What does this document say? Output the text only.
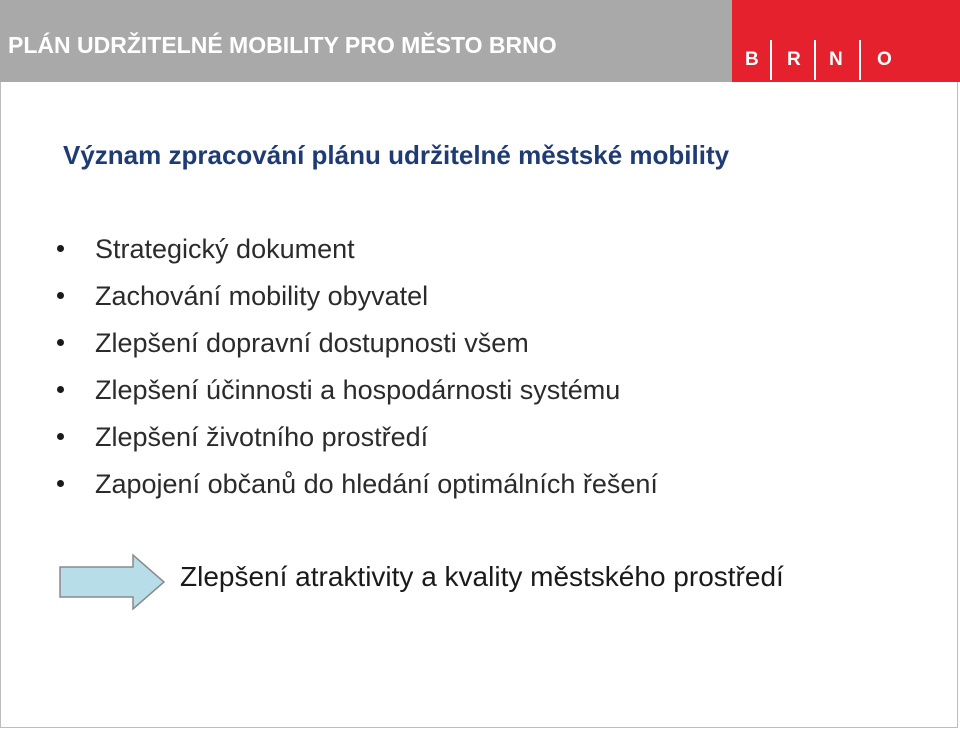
PLÁN UDRŽITELNÉ MOBILITY PRO MĚSTO BRNO
B R N O
Význam zpracování plánu udržitelné městské mobility
Strategický dokument
Zachování mobility obyvatel
Zlepšení dopravní dostupnosti všem
Zlepšení účinnosti a hospodárnosti systému
Zlepšení životního prostředí
Zapojení občanů do hledání optimálních řešení
Zlepšení atraktivity a kvality městského prostředí
